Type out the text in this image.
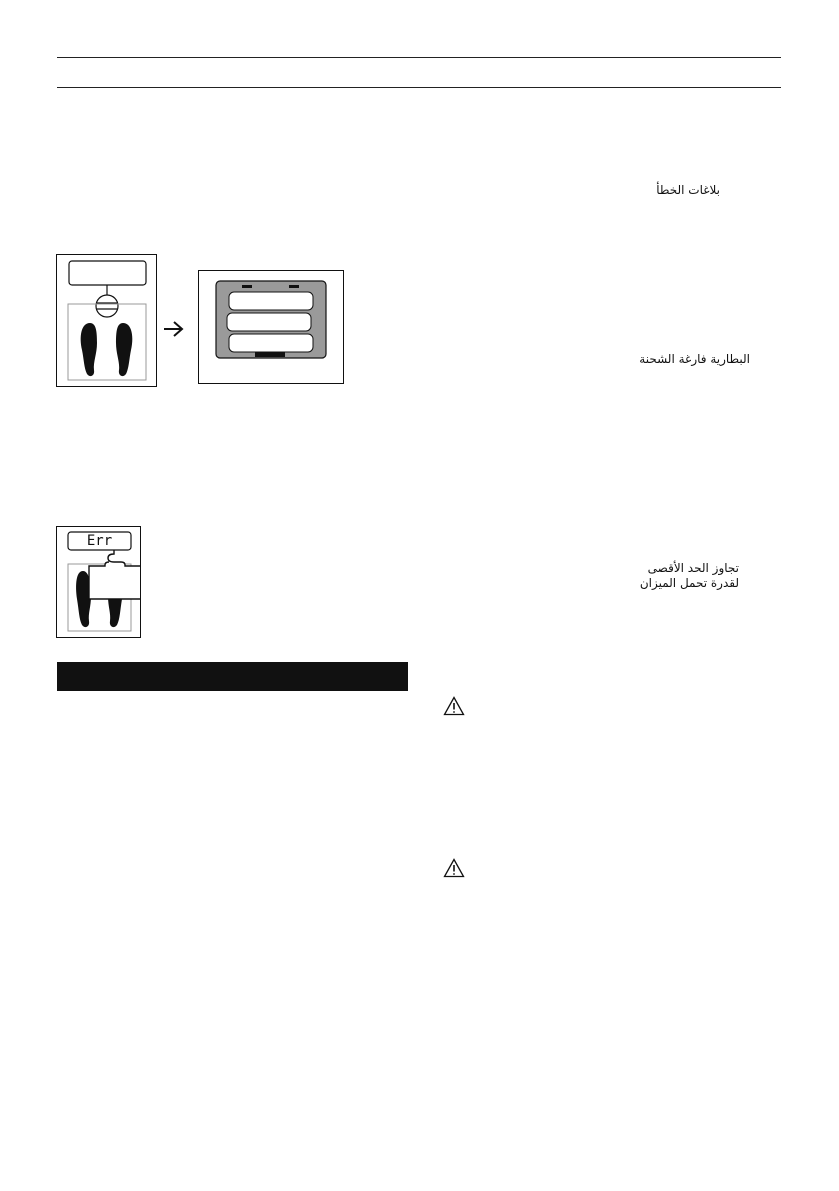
بلاغات الخطأ
البطارية فارغة الشحنة
تجاوز الحد الأقصى
لقدرة تحمل الميزان
Err
